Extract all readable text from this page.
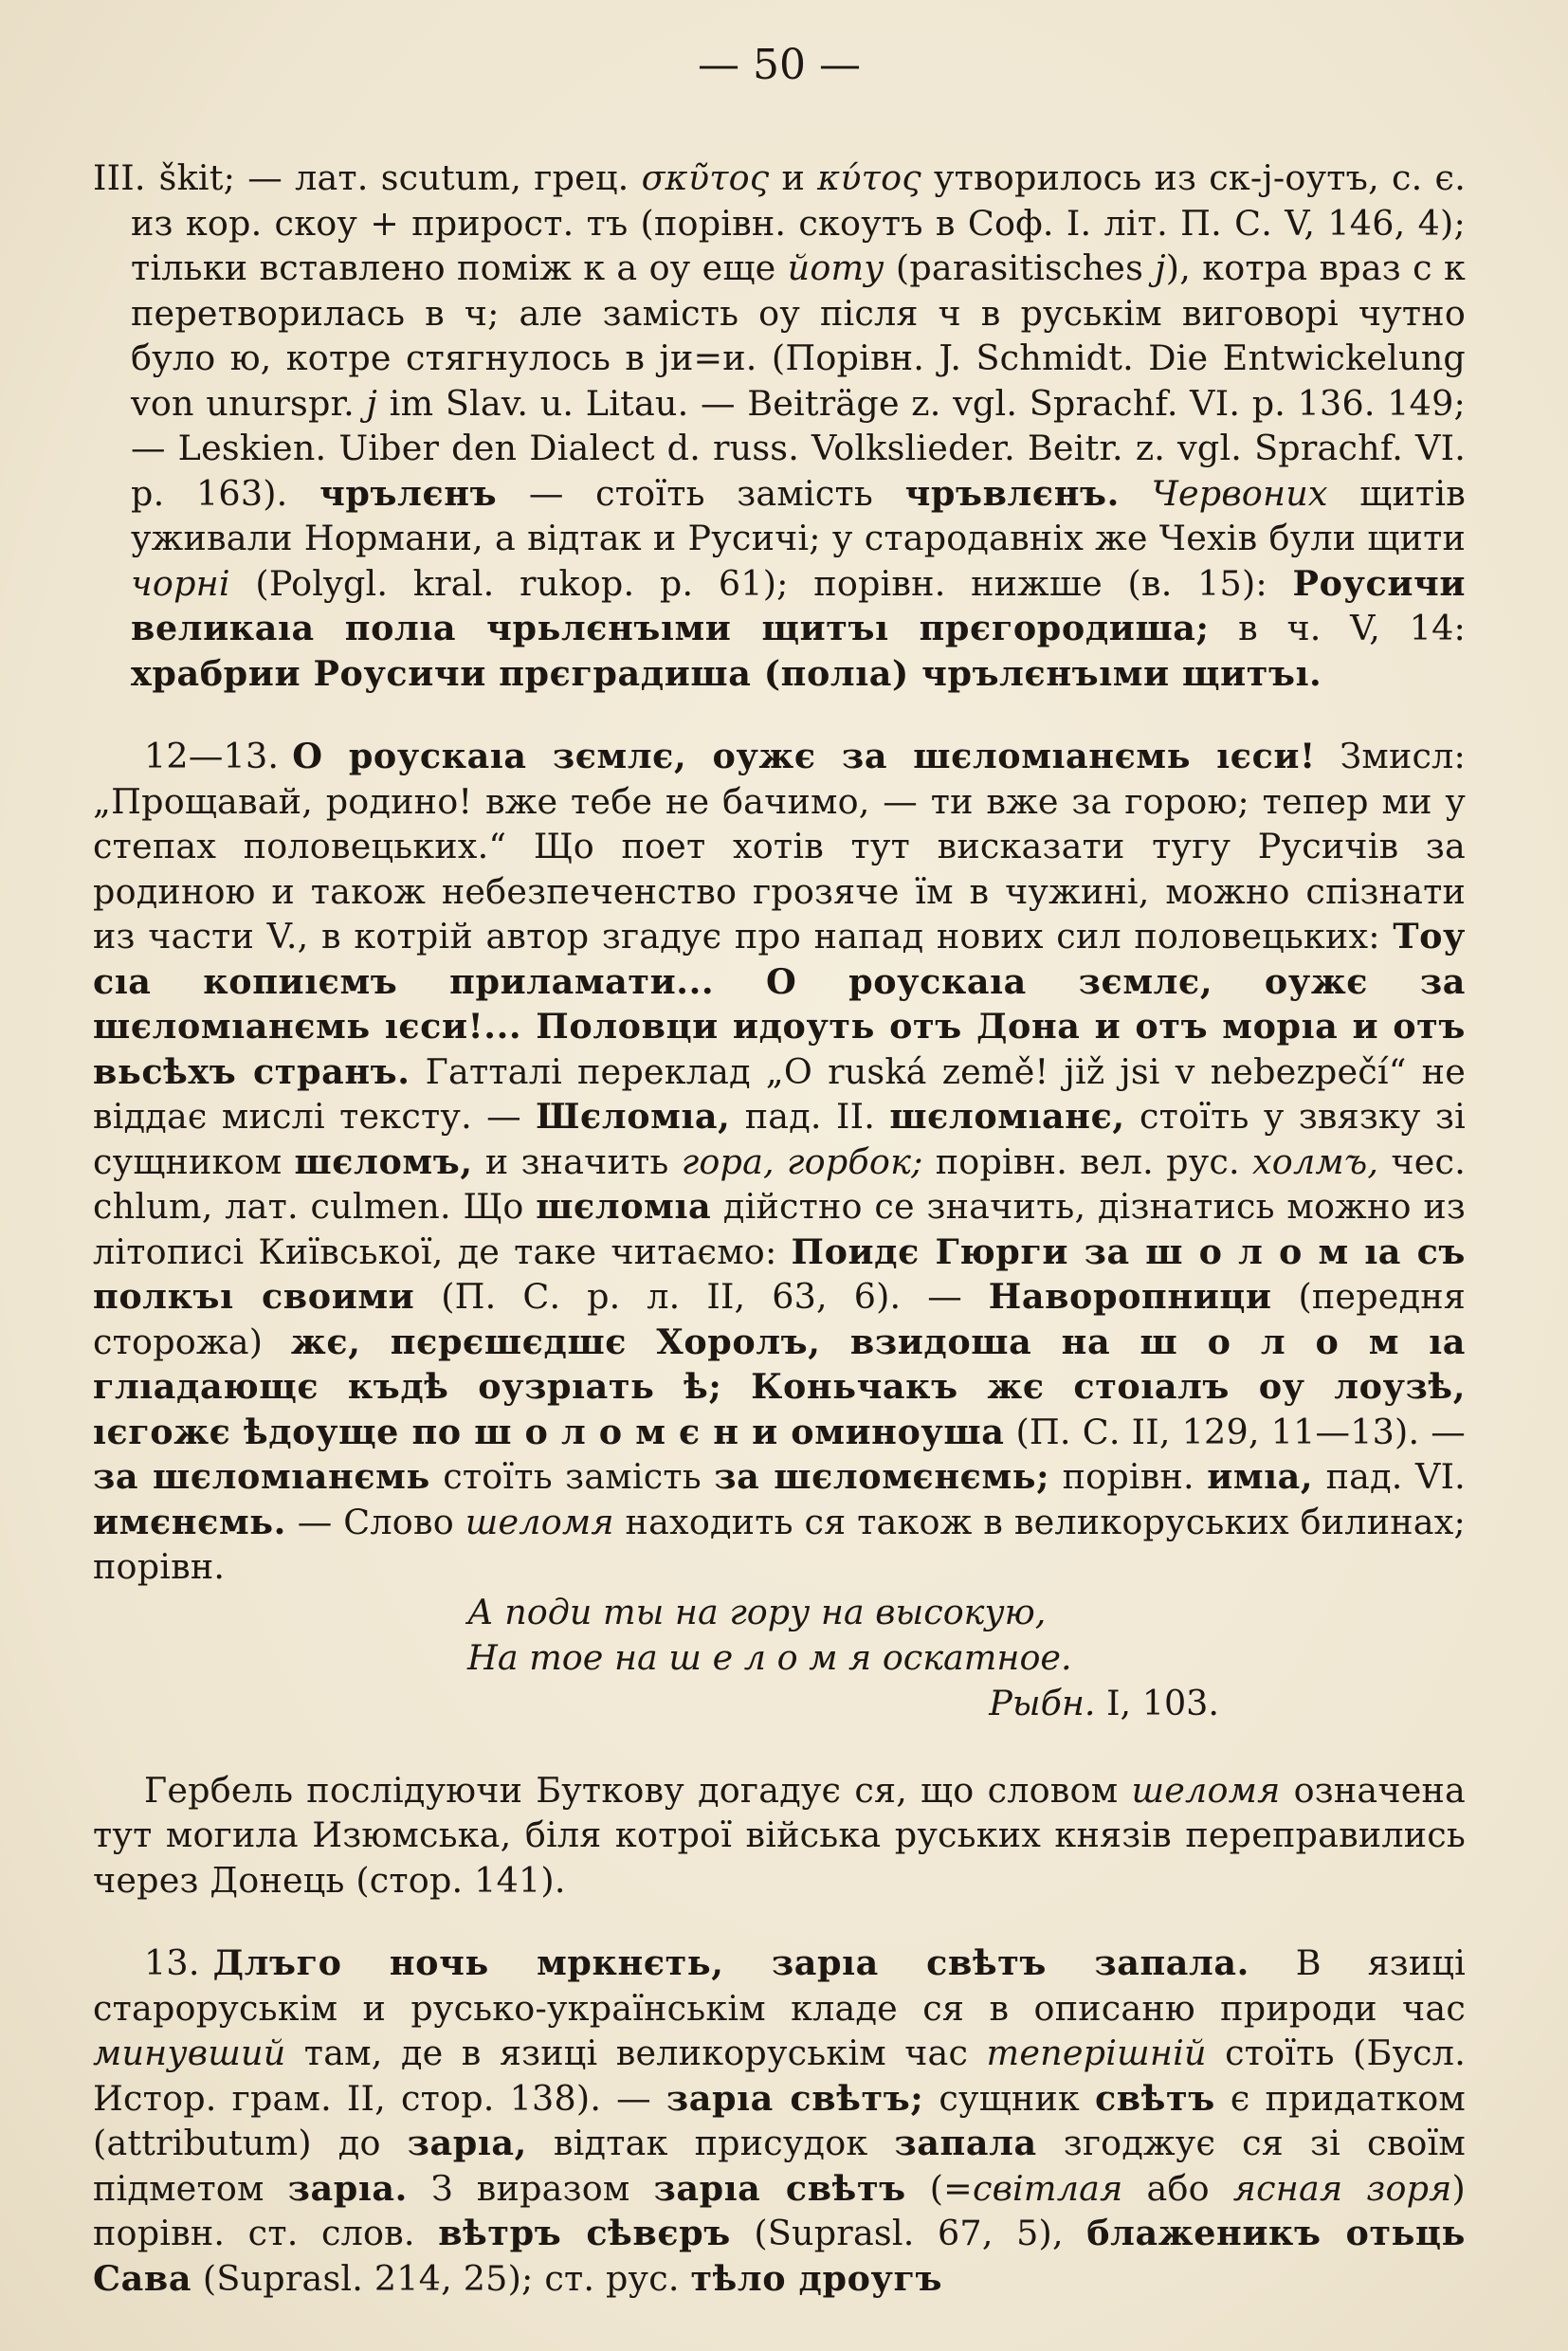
— 50 —

III. škit; — лат. scutum, грец. σκῦτος и κύτος утворилось из ск-j-оутъ, с. є. из кор. скоу + прирост. тъ (порівн. скоутъ в Соф. І. літ. П. С. V, 146, 4); тільки вставлено поміж к а оу еще йоту (parasitisches j), котра враз с к перетворилась в ч; але замість оу після ч в руськім виговорі чутно було ю, котре стягнулось в ји=и. (Порівн. J. Schmidt. Die Entwickelung von unurspr. j im Slav. u. Litau. — Beiträge z. vgl. Sprachf. VI. p. 136. 149; — Leskien. Uiber den Dialect d. russ. Volkslieder. Beitr. z. vgl. Sprachf. VI. p. 163). чрълєнъ — стоїть замість чръвлєнъ. Червоних щитів уживали Нормани, а відтак и Русичі; у стародавніх же Чехів були щити чорні (Polygl. kral. rukop. p. 61); порівн. нижше (в. 15): Роусичи великаıа полıа чрьлєнъıми щитъı прєгородиша; в ч. V, 14: храбрии Роусичи прєградиша (полıа) чрълєнъıми щитъı.

12—13. О роускаıа зємлє, оужє за шєломıанємь ıєси! Змисл: „Прощавай, родино! вже тебе не бачимо, — ти вже за горою; тепер ми у степах половецьких.“ Що поет хотів тут висказати тугу Русичів за родиною и також небезпеченство грозяче їм в чужині, можно спізнати из части V., в котрій автор згадує про напад нових сил половецьких: Тоу сıа копиıємъ приламати... О роускаıа зємлє, оужє за шєломıанємь ıєси!... Половци идоуть отъ Дона и отъ морıа и отъ вьсѣхъ странъ. Гатталі переклад „O ruská země! již jsi v nebezpečí“ не віддає мислі тексту. — Шєломıа, пад. II. шєломıанє, стоїть у звязку зі сущником шєломъ, и значить гора, горбок; порівн. вел. рус. холмъ, чес. chlum, лат. culmen. Що шєломıа дійстно се значить, дізнатись можно из літописі Київської, де таке читаємо: Поидє Гюрги за ш о л о м ıа съ полкъı своими (П. С. р. л. II, 63, 6). — Наворопници (передня сторожа) жє, пєрєшєдшє Хоролъ, взидоша на ш о л о м ıа глıадающє къдѣ оузрıать ѣ; Коньчакъ жє стоıалъ оу лоузѣ, ıєгожє ѣдоуще по ш о л о м є н и оминоуша (П. С. II, 129, 11—13). — за шєломıанємь стоїть замість за шєломєнємь; порівн. имıа, пад. VI. имєнємь. — Слово шеломя находить ся також в великоруських билинах; порівн.

А поди ты на гору на высокую,

На тое на ш е л о м я оскатное.

Рыбн. I, 103.

Гербель послідуючи Буткову догадує ся, що словом шеломя означена тут могила Изюмська, біля котрої війська руських князів переправились через Донець (стор. 141).

13. Длъго ночь мркнєть, зарıа свѣтъ запала. В язиці староруськім и русько-українськім кладе ся в описаню природи час минувший там, де в язиці великоруськім час теперішній стоїть (Бусл. Истор. грам. II, стор. 138). — зарıа свѣтъ; сущник свѣтъ є придатком (attributum) до зарıа, відтак присудок запала згоджує ся зі своїм підметом зарıа. З виразом зарıа свѣтъ (=світлая або ясная зоря) порівн. ст. слов. вѣтръ сѣвєръ (Suprasl. 67, 5), блаженикъ отьць Сава (Suprasl. 214, 25); ст. рус. тѣло дроугъ
